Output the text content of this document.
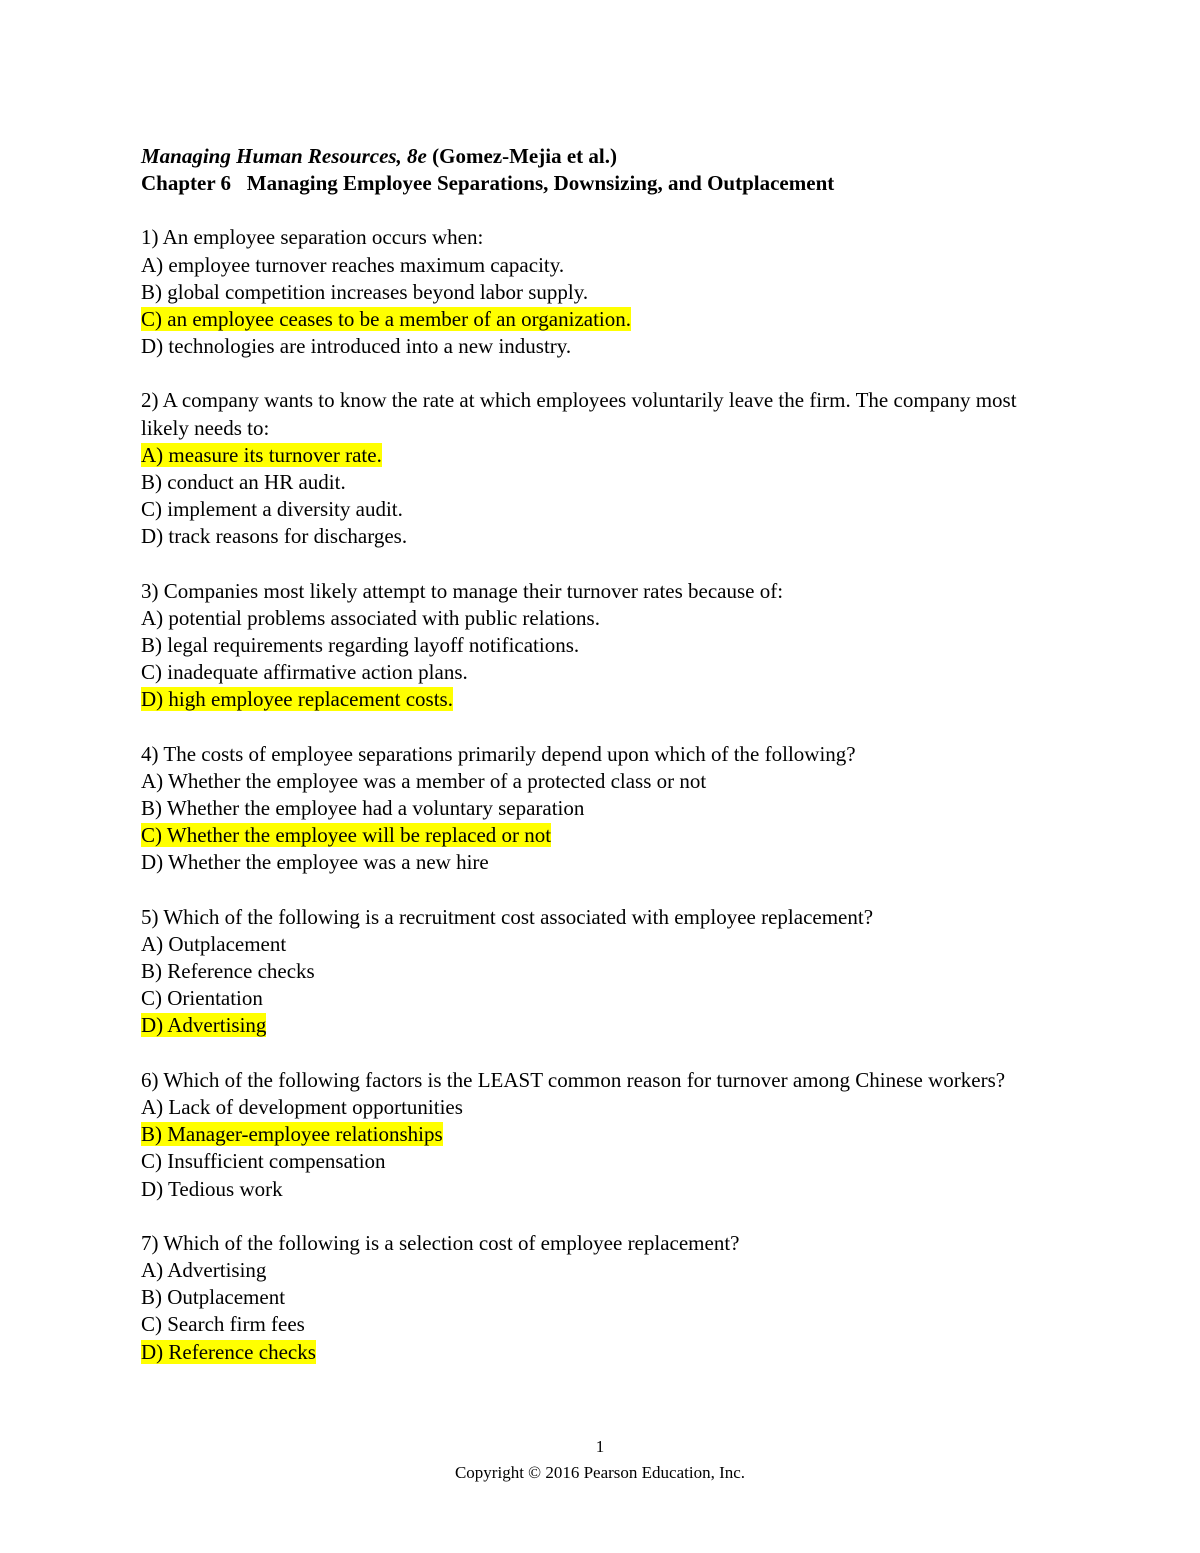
Managing Human Resources, 8e (Gomez-Mejia et al.)
Chapter 6   Managing Employee Separations, Downsizing, and Outplacement
1) An employee separation occurs when:
A) employee turnover reaches maximum capacity.
B) global competition increases beyond labor supply.
C) an employee ceases to be a member of an organization.
D) technologies are introduced into a new industry.
2) A company wants to know the rate at which employees voluntarily leave the firm. The company most likely needs to:
A) measure its turnover rate.
B) conduct an HR audit.
C) implement a diversity audit.
D) track reasons for discharges.
3) Companies most likely attempt to manage their turnover rates because of:
A) potential problems associated with public relations.
B) legal requirements regarding layoff notifications.
C) inadequate affirmative action plans.
D) high employee replacement costs.
4) The costs of employee separations primarily depend upon which of the following?
A) Whether the employee was a member of a protected class or not
B) Whether the employee had a voluntary separation
C) Whether the employee will be replaced or not
D) Whether the employee was a new hire
5) Which of the following is a recruitment cost associated with employee replacement?
A) Outplacement
B) Reference checks
C) Orientation
D) Advertising
6) Which of the following factors is the LEAST common reason for turnover among Chinese workers?
A) Lack of development opportunities
B) Manager-employee relationships
C) Insufficient compensation
D) Tedious work
7) Which of the following is a selection cost of employee replacement?
A) Advertising
B) Outplacement
C) Search firm fees
D) Reference checks
1
Copyright © 2016 Pearson Education, Inc.
